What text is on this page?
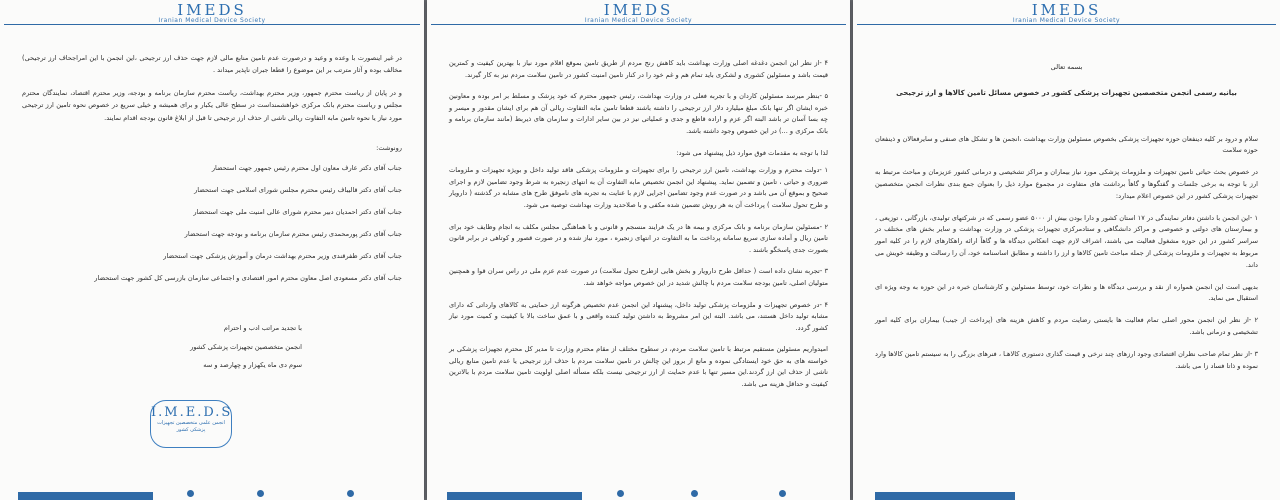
IMEDS
Iranian Medical Device Society

در غیر اینصورت با وعده و وعید و درصورت عدم تامین منابع مالی لازم جهت حذف ارز ترجیحی ،این انجمن با این امراجحاف ارز ترجیحی) مخالف بوده و آثار مترتب بر این موضوع را قطعا جبران ناپذیر میداند .

و در پایان از ریاست محترم جمهور، وزیر محترم بهداشت، ریاست محترم سازمان برنامه و بودجه، وزیر محترم اقتصاد، نمایندگان محترم مجلس و ریاست محترم بانک مرکزی خواهشمنداست در سطح عالی یکبار و برای همیشه و خیلی سریع در خصوص نحوه تامین ارز ترجیحی مورد نیاز یا نحوه تامین مابه التفاوت ریالی ناشی از حذف ارز ترجیحی تا قبل از ابلاغ قانون بودجه اقدام نمایند.

رونوشت:

جناب آقای دکتر عارف معاون اول محترم رئیس جمهور جهت استحضار
جناب آقای دکتر قالیباف رئیس محترم مجلس شورای اسلامی جهت استحضار
جناب آقای دکتر احمدیان دبیر محترم شورای عالی امنیت ملی جهت استحضار
جناب آقای دکتر پورمحمدی رئیس محترم سازمان برنامه و بودجه جهت استحضار
جناب آقای دکتر ظفرقندی وزیر محترم بهداشت درمان و آموزش پزشکی جهت استحضار
جناب آقای دکتر مسعودی اصل معاون محترم امور اقتصادی و اجتماعی سازمان بازرسی کل کشور جهت استحضار

با تجدید مراتب ادب و احترام

انجمن متخصصین تجهیزات پزشکی کشور

سوم دی ماه یکهزار و چهارصد و سه

I.M.E.D.S
انجمن علمی متخصصین تجهیزات پزشکی کشور
IMEDS
Iranian Medical Device Society

۴ -از نظر این انجمن دغدغه اصلی وزارت بهداشت باید کاهش رنج مردم از طریق تامین بموقع اقلام مورد نیاز با بهترین کیفیت و کمترین قیمت باشد و مسئولین کشوری و لشکری باید تمام هم و غم خود را در کنار تامین امنیت کشور در تامین سلامت مردم نیز به کار گیرند.

۵ -بنظر میرسد مسئولین کاردان و با تجربه فعلی در وزارت بهداشت، رئیس جمهور محترم که خود پزشک و مسلط بر امر بوده و معاونین خبره ایشان اگر تنها بانک مبلغ میلیارد دلار ارز ترجیحی را داشته باشند قطعا تامین مابه التفاوت ریالی آن هم برای ایشان مقدور و میسر و چه بسا آسان تر باشد البته اگر عزم و اراده قاطع و جدی و عملیاتی نیز در بین سایر ادارات و سازمان های ذیربط (مانند سازمان برنامه و بانک مرکزی و ...) در این خصوص وجود داشته باشد.

لذا با توجه به مقدمات فوق موارد ذیل پیشنهاد می شود:

۱ -دولت محترم و وزارت بهداشت، تامین ارز ترجیحی را برای تجهیزات و ملزومات پزشکی فاقد تولید داخل و بویژه تجهیزات و ملزومات ضروری و حیاتی ، تامین و تضمین نماید. پیشنهاد این انجمن تخصیص مابه التفاوت آن به انتهای زنجیره به شرط وجود تضامین لازم و اجرای صحیح و بموقع آن می باشد و در صورت عدم وجود تضامین اجرایی لازم با عنایت به تجربه های ناموفق طرح های مشابه در گذشته ( دارویار و طرح تحول سلامت ) پرداخت آن به هر روش تضمین شده مکفی و با صلاحدید وزارت بهداشت توصیه می شود.

۲ -مسئولین سازمان برنامه و بانک مرکزی و بیمه ها در یک فرایند منسجم و قانونی و با هماهنگی مجلس مکلف به انجام وظایف خود برای تامین ریال و آماده سازی سریع سامانه پرداخت ما به التفاوت در انتهای زنجیره ، مورد نیاز شده و در صورت قصور و کوتاهی در برابر قانون بصورت جدی پاسخگو باشند .

۳ -تجربه نشان داده است ( حداقل طرح دارویار و بخش هایی ازطرح تحول سلامت) در صورت عدم عزم ملی در راس سران قوا و همچنین متولیان اصلی، تامین بودجه سلامت مردم با چالش شدید در این خصوص مواجه خواهد شد.

۴ -در خصوص تجهیزات و ملزومات پزشکی تولید داخل، پیشنهاد این انجمن عدم تخصیص هرگونه ارز حمایتی به کالاهای وارداتی که دارای مشابه تولید داخل هستند، می باشد. البته این امر مشروط به داشتن تولید کننده واقعی و با عمق ساخت بالا با کیفیت و کمیت مورد نیاز کشور گردد.

امیدواریم مسئولین مستقیم مرتبط با تامین سلامت مردم، در سطوح مختلف از مقام محترم وزارت تا مدیر کل محترم تجهیزات پزشکی بر خواسته های به حق خود ایستادگی نموده و مانع از بروز این چالش در تامین سلامت مردم با حذف ارز ترجیحی یا عدم تامین منابع ریالی ناشی از حذف این ارز گردند.این مسیر تنها با عدم حمایت از ارز ترجیحی نیست بلکه مسأله اصلی اولویت تامین سلامت مردم با بالاترین کیفیت و حداقل هزینه می باشد.

IMEDS
Iranian Medical Device Society
بسمه تعالی
بیانیه رسمی انجمن متخصصین تجهیزات پزشکی کشور در خصوص مسائل تامین کالاها و ارز ترجیحی

سلام و درود بر کلیه دینفعان حوزه تجهیزات پزشکی بخصوص مسئولین وزارت بهداشت ،انجمن ها و تشکل های صنفی و سایرفعالان و ذینفعان حوزه سلامت

در خصوص بحث حیاتی تامین تجهیزات و ملزومات پزشکی مورد نیاز بیماران و مراکز تشخیصی و درمانی کشور عزیزمان و مباحث مرتبط به ارز با توجه به برخی جلسات و گفتگوها و گاهاً برداشت های متفاوت در مجموع موارد ذیل را بعنوان جمع بندی نظرات انجمن متخصصین تجهیزات پزشکی کشور در این خصوص اعلام میدارد:

۱ -این انجمن با داشتن دفاتر نمایندگی در ۱۷ استان کشور و دارا بودن بیش از ۵۰۰۰ عضو رسمی که در شرکتهای تولیدی، بازرگانی ، توزیعی ، و بیمارستان های دولتی و خصوصی و مراکز دانشگاهی و ستادمرکزی تجهیزات پزشکی در وزارت بهداشت و سایر بخش های مختلف در سراسر کشور در این حوزه مشغول فعالیت می باشند، اشراف لازم جهت انعکاس دیدگاه ها و گاهاً ارائه راهکارهای لازم را در کلیه امور مربوط به تجهیزات و ملزومات پزشکی از جمله مباحث تامین کالاها و ارز را داشته و مطابق اساسنامه خود، آن را رسالت و وظیفه خویش می داند.

بدیهی است این انجمن همواره از نقد و بررسی دیدگاه ها و نظرات خود، توسط مسئولین و کارشناسان خبره در این حوزه به وجه ویژه ای استقبال می نماید.

۲ -از نظر این انجمن محور اصلی تمام فعالیت ها بایستی رضایت مردم و کاهش هزینه های (پرداخت از جیب) بیماران برای کلیه امور تشخیصی و درمانی باشد.

۳ -از نظر تمام صاحب نظران اقتصادی وجود ارزهای چند نرخی و قیمت گذاری دستوری کالاهـا ، فنرهای بزرگی را به سیستم تامین کالاها وارد نموده و ذاتا فساد زا می باشد.
